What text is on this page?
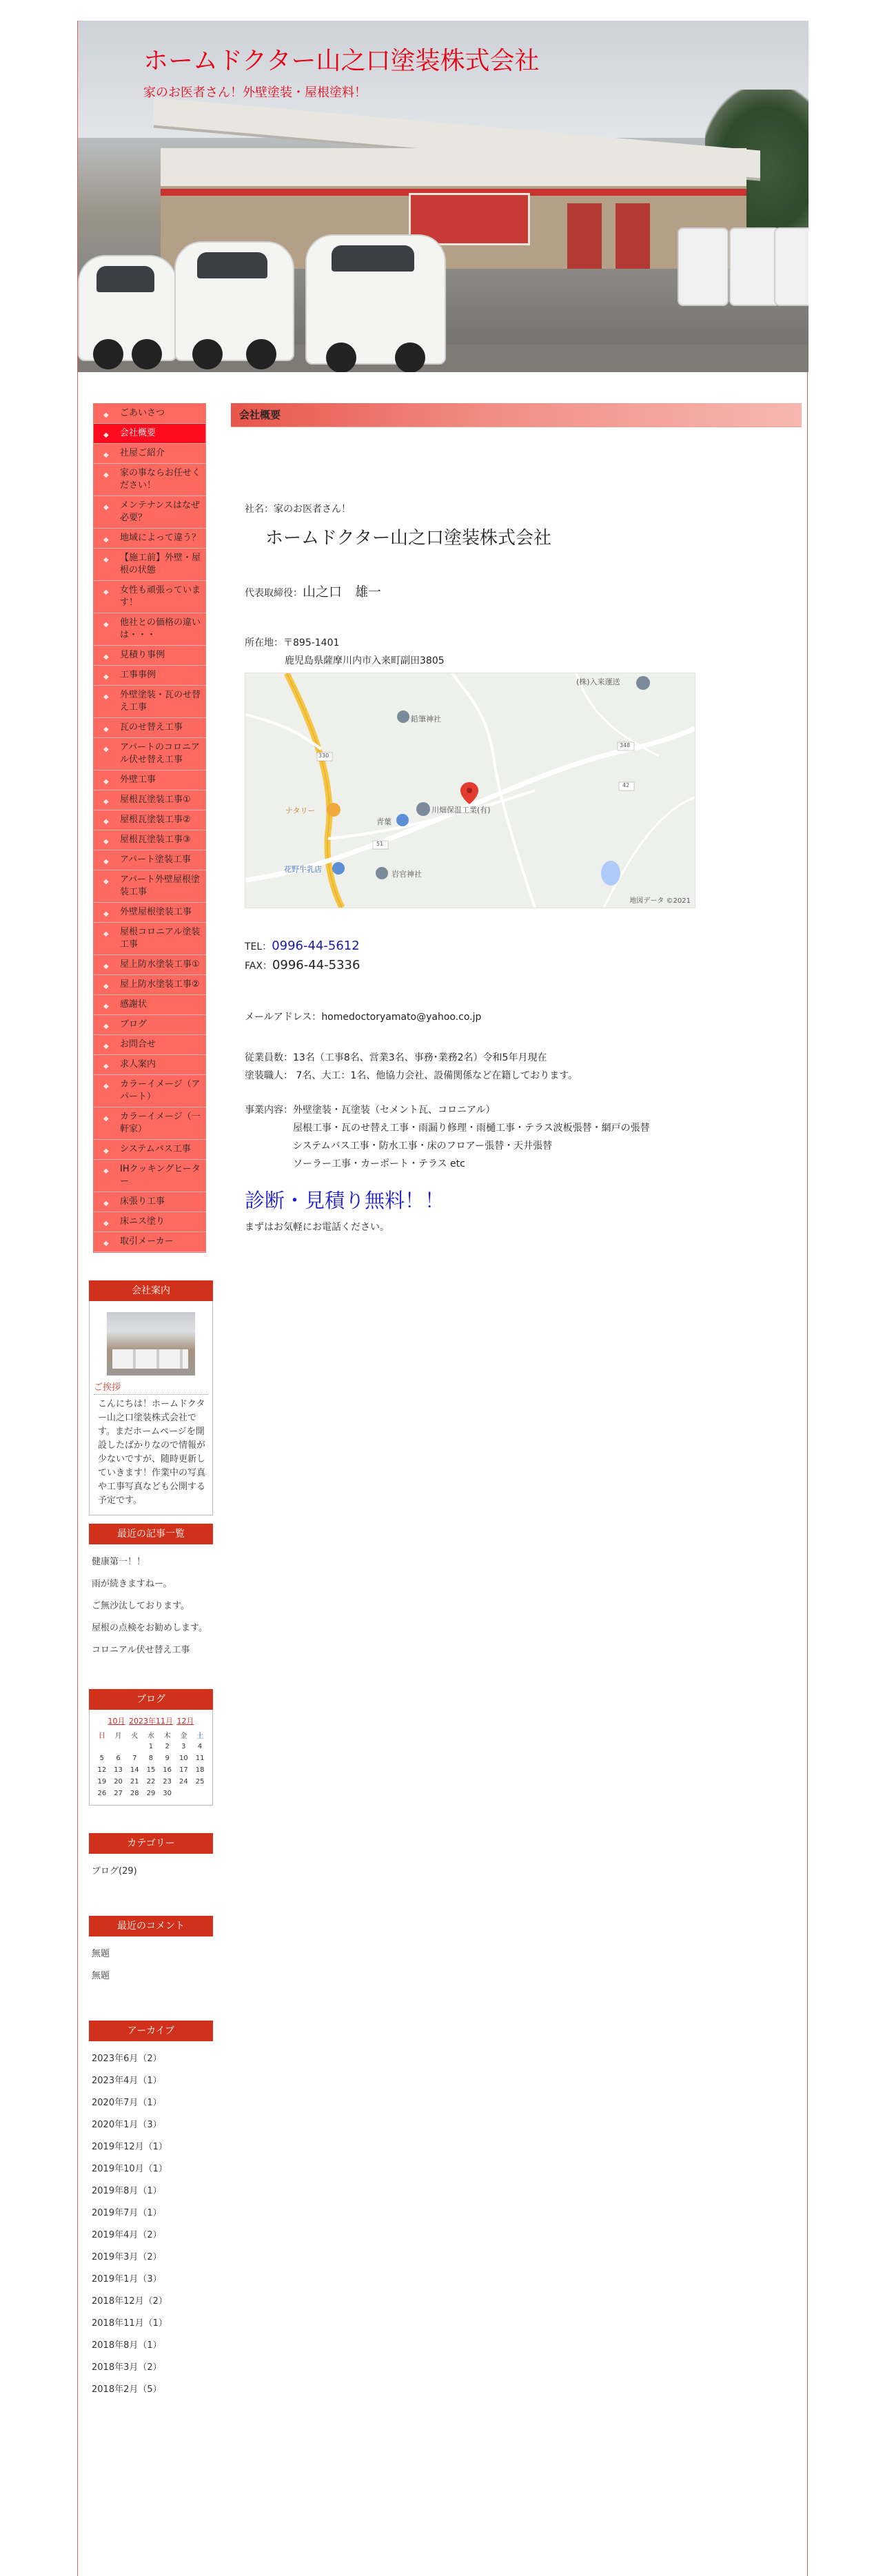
ホームドクター山之口塗装株式会社

家のお医者さん！外壁塗装・屋根塗料！

◆ ごあいさつ
◆ 会社概要
◆ 社屋ご紹介
◆ 家の事ならお任せください！
◆ メンテナンスはなぜ必要？
◆ 地域によって違う？
◆ 【施工前】外壁・屋根の状態
◆ 女性も頑張っています！
◆ 他社との価格の違いは・・・
◆ 見積り事例
◆ 工事事例
◆ 外壁塗装・瓦のせ替え工事
◆ 瓦のせ替え工事
◆ アパートのコロニアル伏せ替え工事
◆ 外壁工事
◆ 屋根瓦塗装工事①
◆ 屋根瓦塗装工事②
◆ 屋根瓦塗装工事③
◆ アパート塗装工事
◆ アパート外壁屋根塗装工事
◆ 外壁屋根塗装工事
◆ 屋根コロニアル塗装工事
◆ 屋上防水塗装工事①
◆ 屋上防水塗装工事②
◆ 感謝状
◆ ブログ
◆ お問合せ
◆ 求人案内
◆ カラーイメージ（アパート）
◆ カラーイメージ（一軒家）
◆ システムバス工事
◆ IHクッキングヒーター
◆ 床張り工事
◆ 床ニス塗り
◆ 取引メーカー
会社案内
ご挨拶
こんにちは！ホームドクター山之口塗装株式会社です。まだホームページを開設したばかりなので情報が少ないですが、随時更新していきます！作業中の写真や工事写真なども公開する予定です。
最近の記事一覧
健康第一！！
雨が続きますねー。
ご無沙汰しております。
屋根の点検をお勧めします。
コロニアル伏せ替え工事
ブログ
10月 2023年11月 12月
日	月	火	水	木	金	土
			1	2	3	4
5	6	7	8	9	10	11
12	13	14	15	16	17	18
19	20	21	22	23	24	25
26	27	28	29	30		
カテゴリー
ブログ(29)
最近のコメント
無題
無題
アーカイブ
2023年6月（2）
2023年4月（1）
2020年7月（1）
2020年1月（3）
2019年12月（1）
2019年10月（1）
2019年8月（1）
2019年7月（1）
2019年4月（2）
2019年3月（2）
2019年1月（3）
2018年12月（2）
2018年11月（1）
2018年8月（1）
2018年3月（2）
2018年2月（5）
会社概要
社名：家のお医者さん！
ホームドクター山之口塗装株式会社
代表取締役：山之口　雄一
所在地：〒895-1401
鹿児島県薩摩川内市入来町副田3805
(株)入来運送
鉛筆神社
川畑保温工業(有)
青葉
ナタリー
花野牛乳店
岩官神社
330
348
42
51
地図データ ©2021
TEL：0996-44-5612
FAX：0996-44-5336
メールアドレス：homedoctoryamato@yahoo.co.jp
従業員数：13名（工事8名、営業3名、事務･業務2名）令和5年月現在
塗装職人： 7名、大工：1名、他協力会社、設備関係など在籍しております。
事業内容： 外壁塗装・瓦塗装（セメント瓦、コロニアル）
屋根工事・瓦のせ替え工事・雨漏り修理・雨樋工事・テラス波板張替・網戸の張替
システムバス工事・防水工事・床のフロアー張替・天井張替
ソーラー工事・カーポート・テラス etc
診断・見積り無料！！
まずはお気軽にお電話ください。
